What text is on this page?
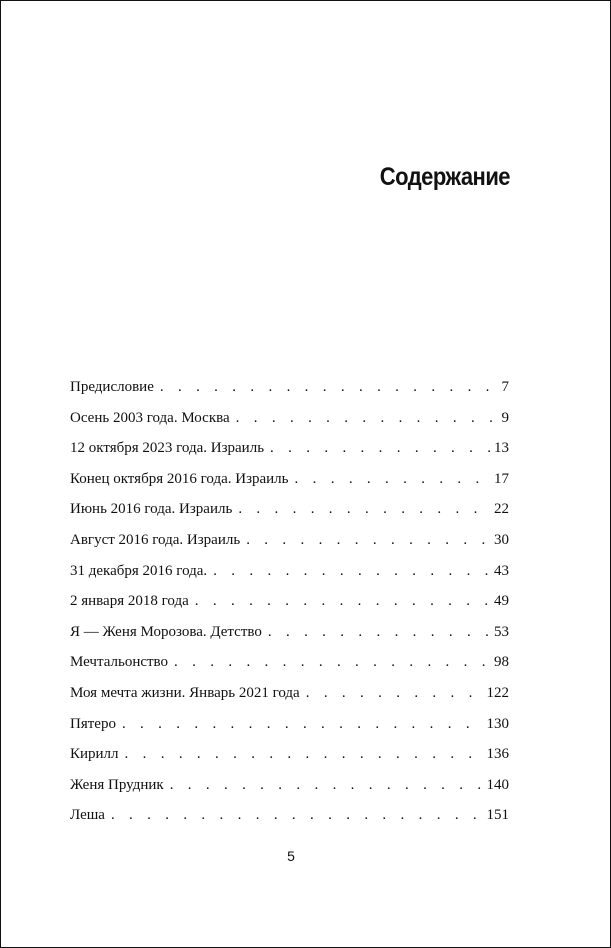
Содержание
Предисловие . . .	7
Осень 2003 года. Москва . . .	9
12 октября 2023 года. Израиль . . .	13
Конец октября 2016 года. Израиль . . .	17
Июнь 2016 года. Израиль . . .	22
Август 2016 года. Израиль . . .	30
31 декабря 2016 года. . . .	43
2 января 2018 года . . .	49
Я — Женя Морозова. Детство . . .	53
Мечтальонство . . .	98
Моя мечта жизни. Январь 2021 года . . .	122
Пятеро . . .	130
Кирилл . . .	136
Женя Прудник . . .	140
Леша . . .	151
5
